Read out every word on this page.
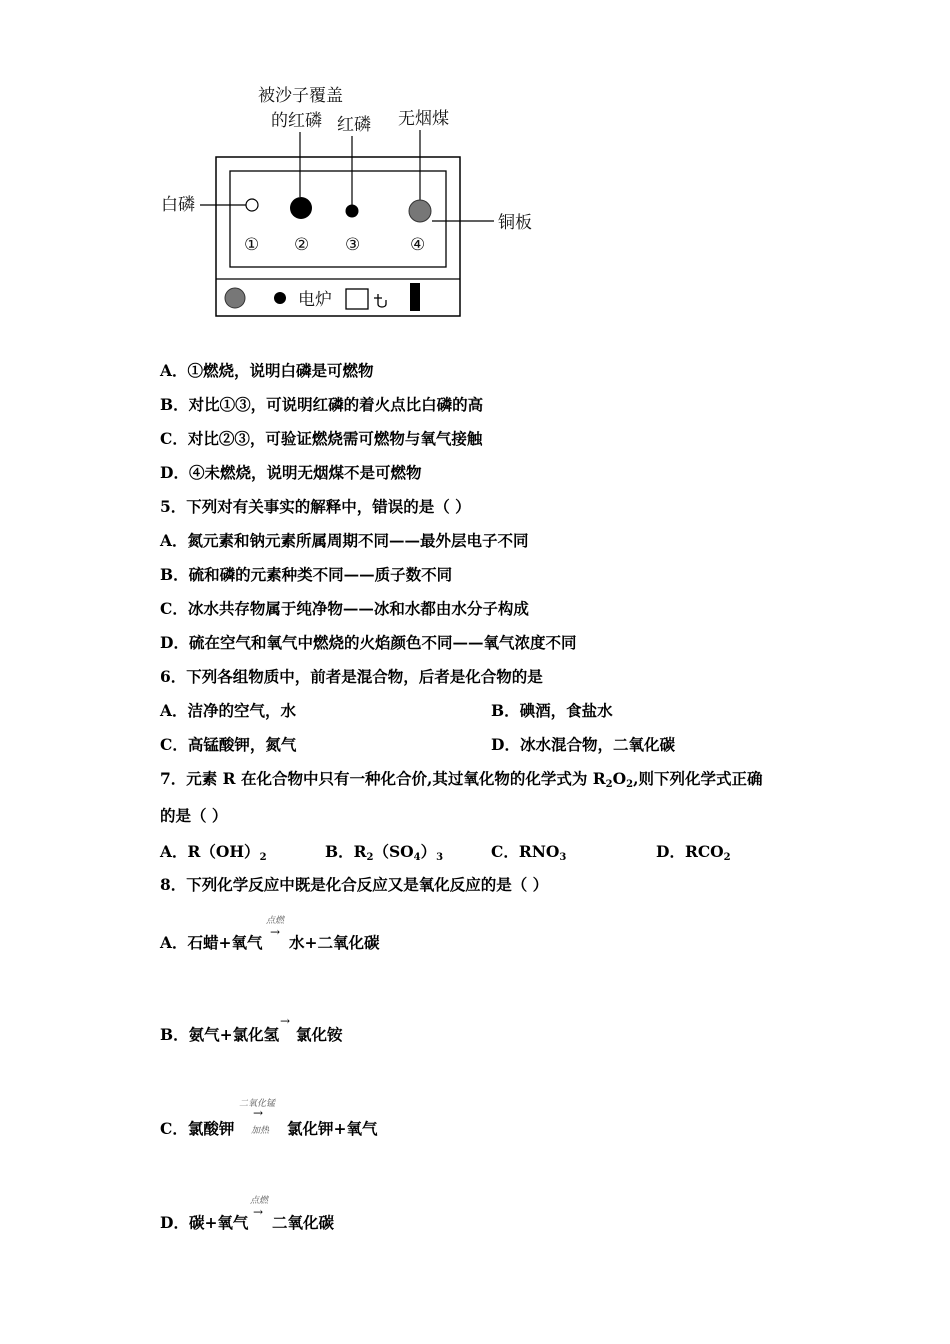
被沙子覆盖
的红磷 红磷 无烟煤
白磷
铜板
① ② ③	④
电炉
A．①燃烧，说明白磷是可燃物
B．对比①③，可说明红磷的着火点比白磷的高
C．对比②③，可验证燃烧需可燃物与氧气接触
D．④未燃烧，说明无烟煤不是可燃物
5．下列对有关事实的解释中，错误的是（ ）
A．氮元素和钠元素所属周期不同——最外层电子不同
B．硫和磷的元素种类不同——质子数不同
C．冰水共存物属于纯净物——冰和水都由水分子构成
D．硫在空气和氧气中燃烧的火焰颜色不同——氧气浓度不同
6．下列各组物质中，前者是混合物，后者是化合物的是
A．洁净的空气，水	B．碘酒，食盐水
C．高锰酸钾，氮气	D．冰水混合物，二氧化碳
7．元素 R 在化合物中只有一种化合价,其过氧化物的化学式为 $R_2O_2$,则下列化学式正确
的是（ ）
A．$R(OH)_2$	B．$R_2(SO_4)_3$	C．$RNO_3$	D．$RCO_2$
8．下列化学反应中既是化合反应又是氧化反应的是（ ）
A．石蜡+氧气
点燃
→
水+二氧化碳
B．氨气+氯化氢
→
氯化铵
C．氯酸钾
二氧化锰
→
加热 氯化钾+氧气
D．碳+氧气
点燃
→
二氧化碳
